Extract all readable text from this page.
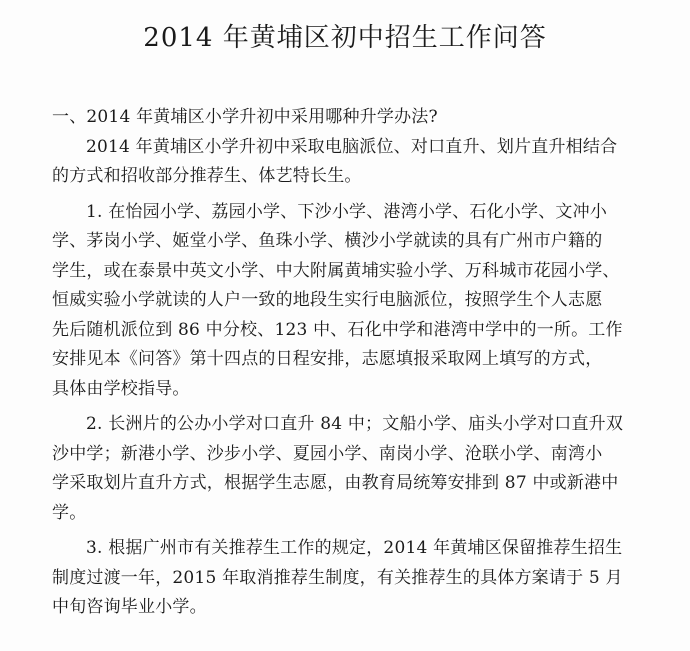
2014 年黄埔区初中招生工作问答
一、2014 年黄埔区小学升初中采用哪种升学办法?
2014 年黄埔区小学升初中采取电脑派位、对口直升、划片直升相结合
的方式和招收部分推荐生、体艺特长生。
1. 在怡园小学、荔园小学、下沙小学、港湾小学、石化小学、文冲小
学、茅岗小学、姬堂小学、鱼珠小学、横沙小学就读的具有广州市户籍的
学生，或在泰景中英文小学、中大附属黄埔实验小学、万科城市花园小学、
恒威实验小学就读的人户一致的地段生实行电脑派位，按照学生个人志愿
先后随机派位到 86 中分校、123 中、石化中学和港湾中学中的一所。工作
安排见本《问答》第十四点的日程安排，志愿填报采取网上填写的方式，
具体由学校指导。
2. 长洲片的公办小学对口直升 84 中；文船小学、庙头小学对口直升双
沙中学；新港小学、沙步小学、夏园小学、南岗小学、沧联小学、南湾小
学采取划片直升方式，根据学生志愿，由教育局统筹安排到 87 中或新港中
学。
3. 根据广州市有关推荐生工作的规定，2014 年黄埔区保留推荐生招生
制度过渡一年，2015 年取消推荐生制度，有关推荐生的具体方案请于 5 月
中旬咨询毕业小学。
